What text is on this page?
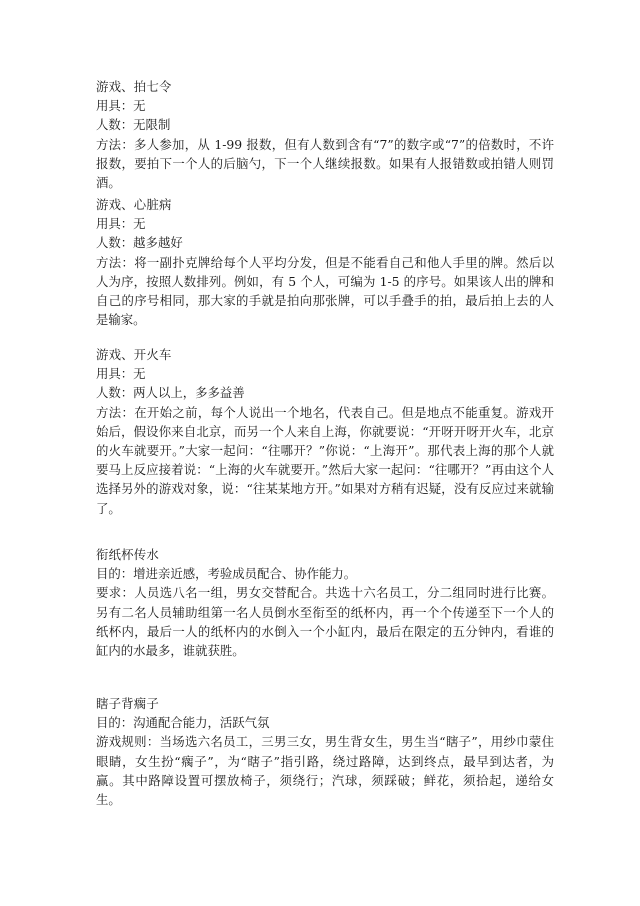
游戏、拍七令

用具：无

人数：无限制

方法：多人参加，从 1-99 报数，但有人数到含有“7”的数字或“7”的倍数时，不许报数，要拍下一个人的后脑勺，下一个人继续报数。如果有人报错数或拍错人则罚酒。

游戏、心脏病

用具：无

人数：越多越好

方法：将一副扑克牌给每个人平均分发，但是不能看自己和他人手里的牌。然后以人为序，按照人数排列。例如，有 5 个人，可编为 1-5 的序号。如果该人出的牌和自己的序号相同，那大家的手就是拍向那张牌，可以手叠手的拍，最后拍上去的人是输家。

游戏、开火车

用具：无

人数：两人以上，多多益善

方法：在开始之前，每个人说出一个地名，代表自己。但是地点不能重复。游戏开始后，假设你来自北京，而另一个人来自上海，你就要说：“开呀开呀开火车，北京的火车就要开。”大家一起问：“往哪开？”你说：“上海开”。那代表上海的那个人就要马上反应接着说：“上海的火车就要开。”然后大家一起问：“往哪开？”再由这个人选择另外的游戏对象，说：“往某某地方开。”如果对方稍有迟疑，没有反应过来就输了。

衔纸杯传水

目的：增进亲近感，考验成员配合、协作能力。

要求：人员选八名一组，男女交替配合。共选十六名员工，分二组同时进行比赛。另有二名人员辅助组第一名人员倒水至衔至的纸杯内，再一个个传递至下一个人的纸杯内，最后一人的纸杯内的水倒入一个小缸内，最后在限定的五分钟内，看谁的缸内的水最多，谁就获胜。

瞎子背瘸子

目的：沟通配合能力，活跃气氛

游戏规则：当场选六名员工，三男三女，男生背女生，男生当“瞎子”，用纱巾蒙住眼睛，女生扮“瘸子”，为“瞎子”指引路，绕过路障，达到终点，最早到达者，为赢。其中路障设置可摆放椅子，须绕行；汽球，须踩破；鲜花，须拾起，递给女生。
